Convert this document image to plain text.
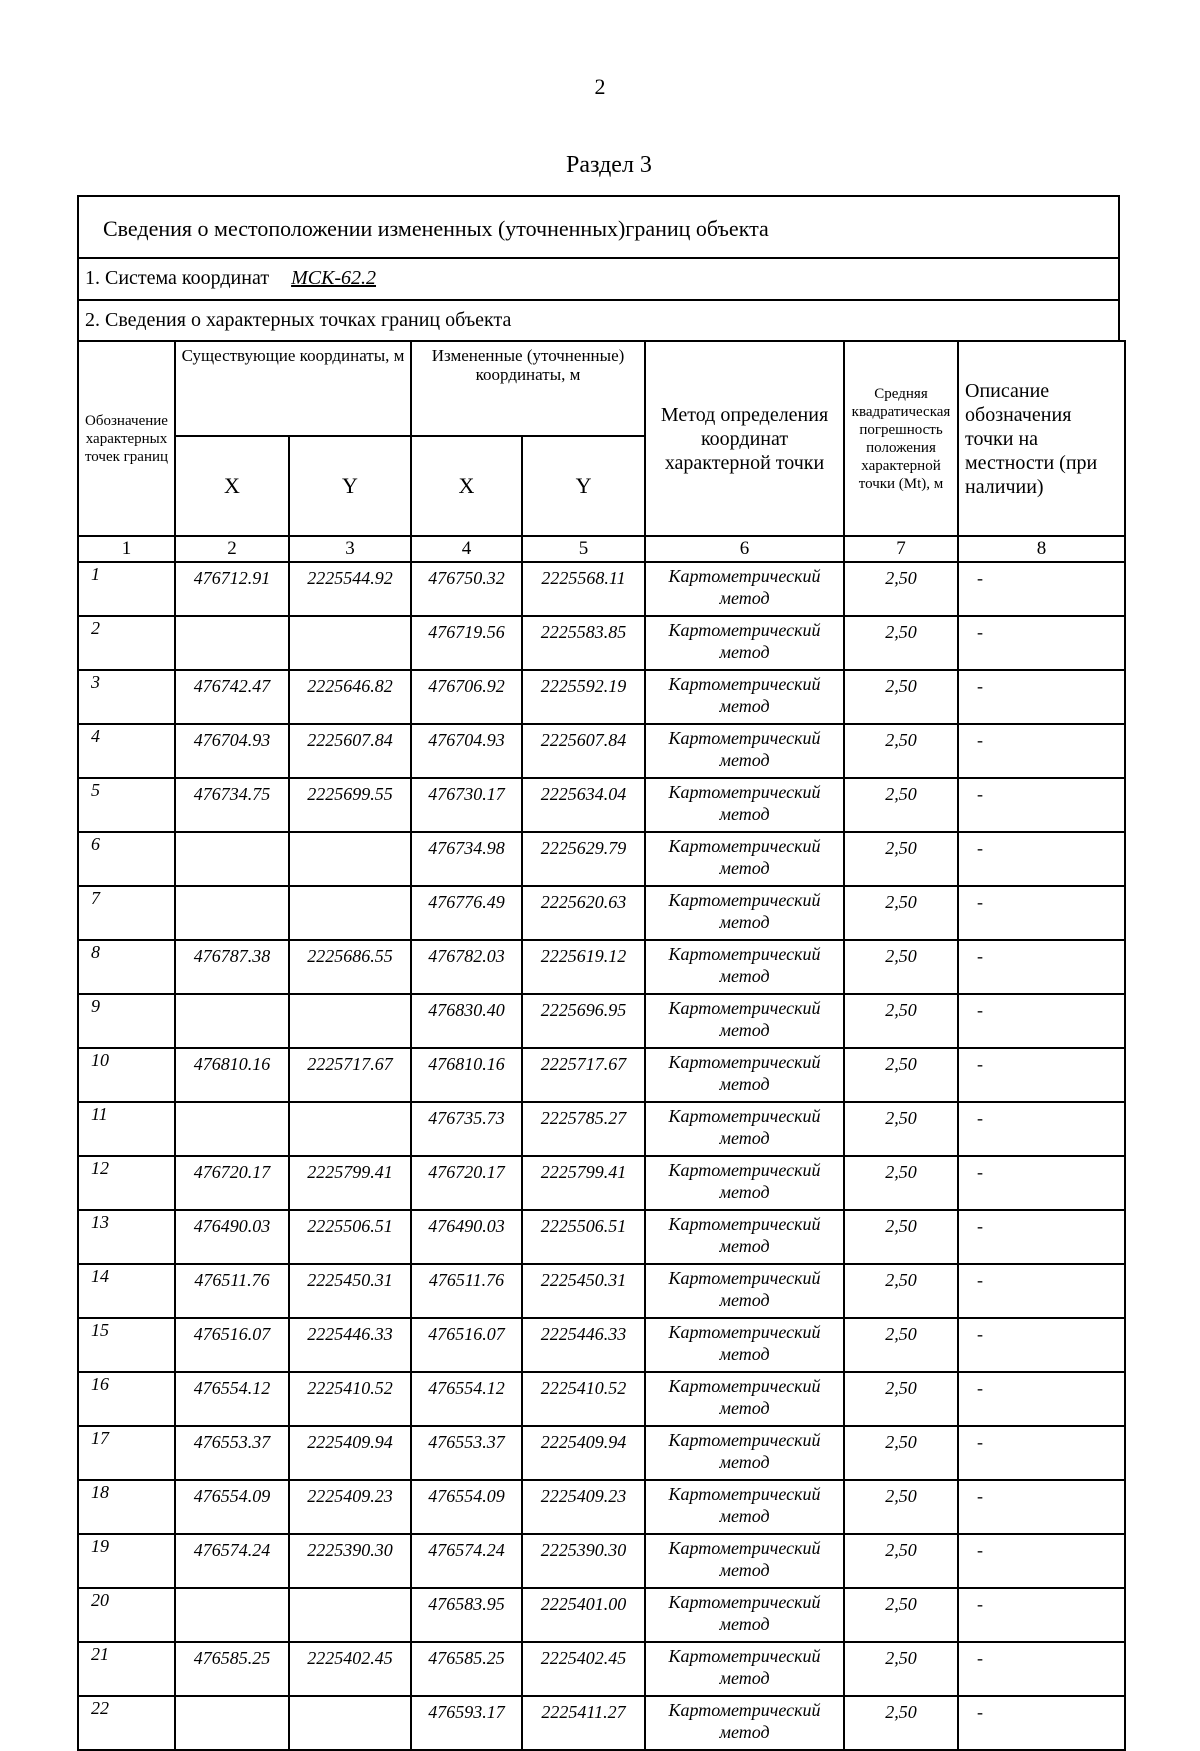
2
Раздел 3
Сведения о местоположении измененных (уточненных)границ объекта
1. Система координат МСК-62.2
2. Сведения о характерных точках границ объекта
Обозначение характерных точек границ	Существующие координаты, м		Измененные (уточненные) координаты, м		Метод определения координат характерной точки	Средняя квадратическая погрешность положения характерной точки (Mt), м	Описание обозначения точки на местности (при наличии)
	X	Y	X	Y			
1	2	3	4	5	6	7	8
1	476712.91	2225544.92	476750.32	2225568.11	Картометрический метод	2,50	-
2			476719.56	2225583.85	Картометрический метод	2,50	-
3	476742.47	2225646.82	476706.92	2225592.19	Картометрический метод	2,50	-
4	476704.93	2225607.84	476704.93	2225607.84	Картометрический метод	2,50	-
5	476734.75	2225699.55	476730.17	2225634.04	Картометрический метод	2,50	-
6			476734.98	2225629.79	Картометрический метод	2,50	-
7			476776.49	2225620.63	Картометрический метод	2,50	-
8	476787.38	2225686.55	476782.03	2225619.12	Картометрический метод	2,50	-
9			476830.40	2225696.95	Картометрический метод	2,50	-
10	476810.16	2225717.67	476810.16	2225717.67	Картометрический метод	2,50	-
11			476735.73	2225785.27	Картометрический метод	2,50	-
12	476720.17	2225799.41	476720.17	2225799.41	Картометрический метод	2,50	-
13	476490.03	2225506.51	476490.03	2225506.51	Картометрический метод	2,50	-
14	476511.76	2225450.31	476511.76	2225450.31	Картометрический метод	2,50	-
15	476516.07	2225446.33	476516.07	2225446.33	Картометрический метод	2,50	-
16	476554.12	2225410.52	476554.12	2225410.52	Картометрический метод	2,50	-
17	476553.37	2225409.94	476553.37	2225409.94	Картометрический метод	2,50	-
18	476554.09	2225409.23	476554.09	2225409.23	Картометрический метод	2,50	-
19	476574.24	2225390.30	476574.24	2225390.30	Картометрический метод	2,50	-
20			476583.95	2225401.00	Картометрический метод	2,50	-
21	476585.25	2225402.45	476585.25	2225402.45	Картометрический метод	2,50	-
22			476593.17	2225411.27	Картометрический метод	2,50	-
